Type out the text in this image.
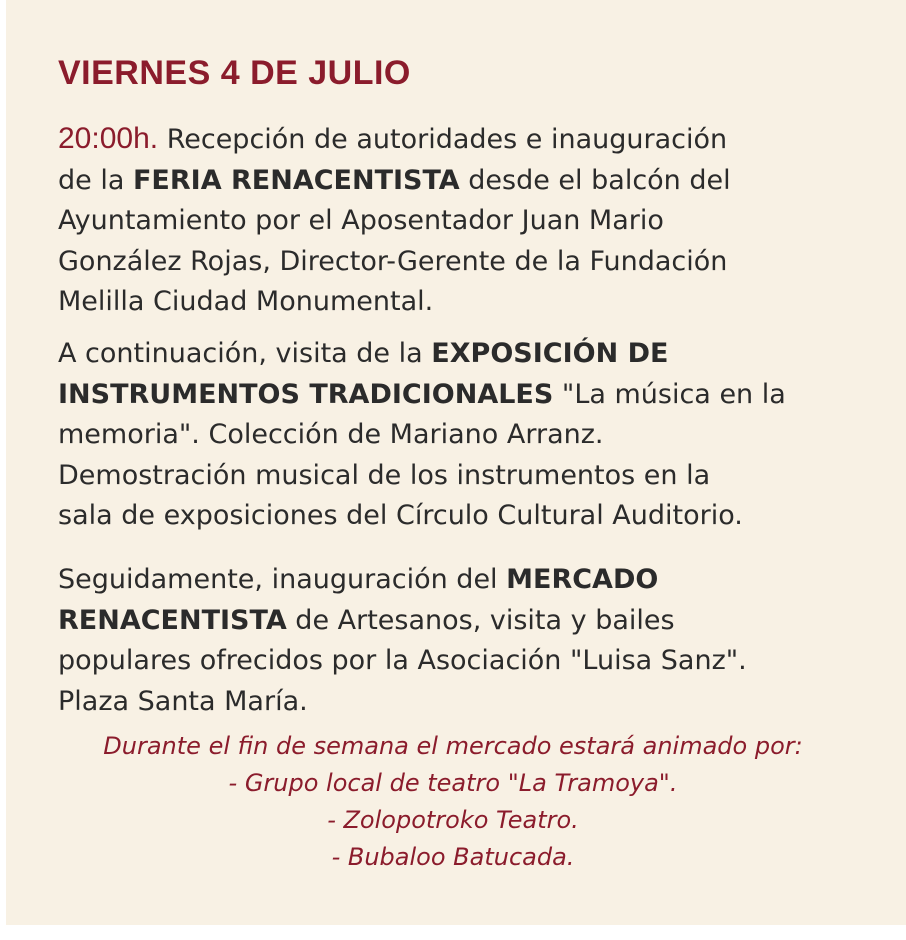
VIERNES 4 DE JULIO
20:00h. Recepción de autoridades e inauguración
de la FERIA RENACENTISTA desde el balcón del
Ayuntamiento por el Aposentador Juan Mario
González Rojas, Director-Gerente de la Fundación
Melilla Ciudad Monumental.
A continuación, visita de la EXPOSICIÓN DE
INSTRUMENTOS TRADICIONALES "La música en la
memoria". Colección de Mariano Arranz.
Demostración musical de los instrumentos en la
sala de exposiciones del Círculo Cultural Auditorio.
Seguidamente, inauguración del MERCADO
RENACENTISTA de Artesanos, visita y bailes
populares ofrecidos por la Asociación "Luisa Sanz".
Plaza Santa María.
Durante el fin de semana el mercado estará animado por:
- Grupo local de teatro "La Tramoya".
- Zolopotroko Teatro.
- Bubaloo Batucada.
